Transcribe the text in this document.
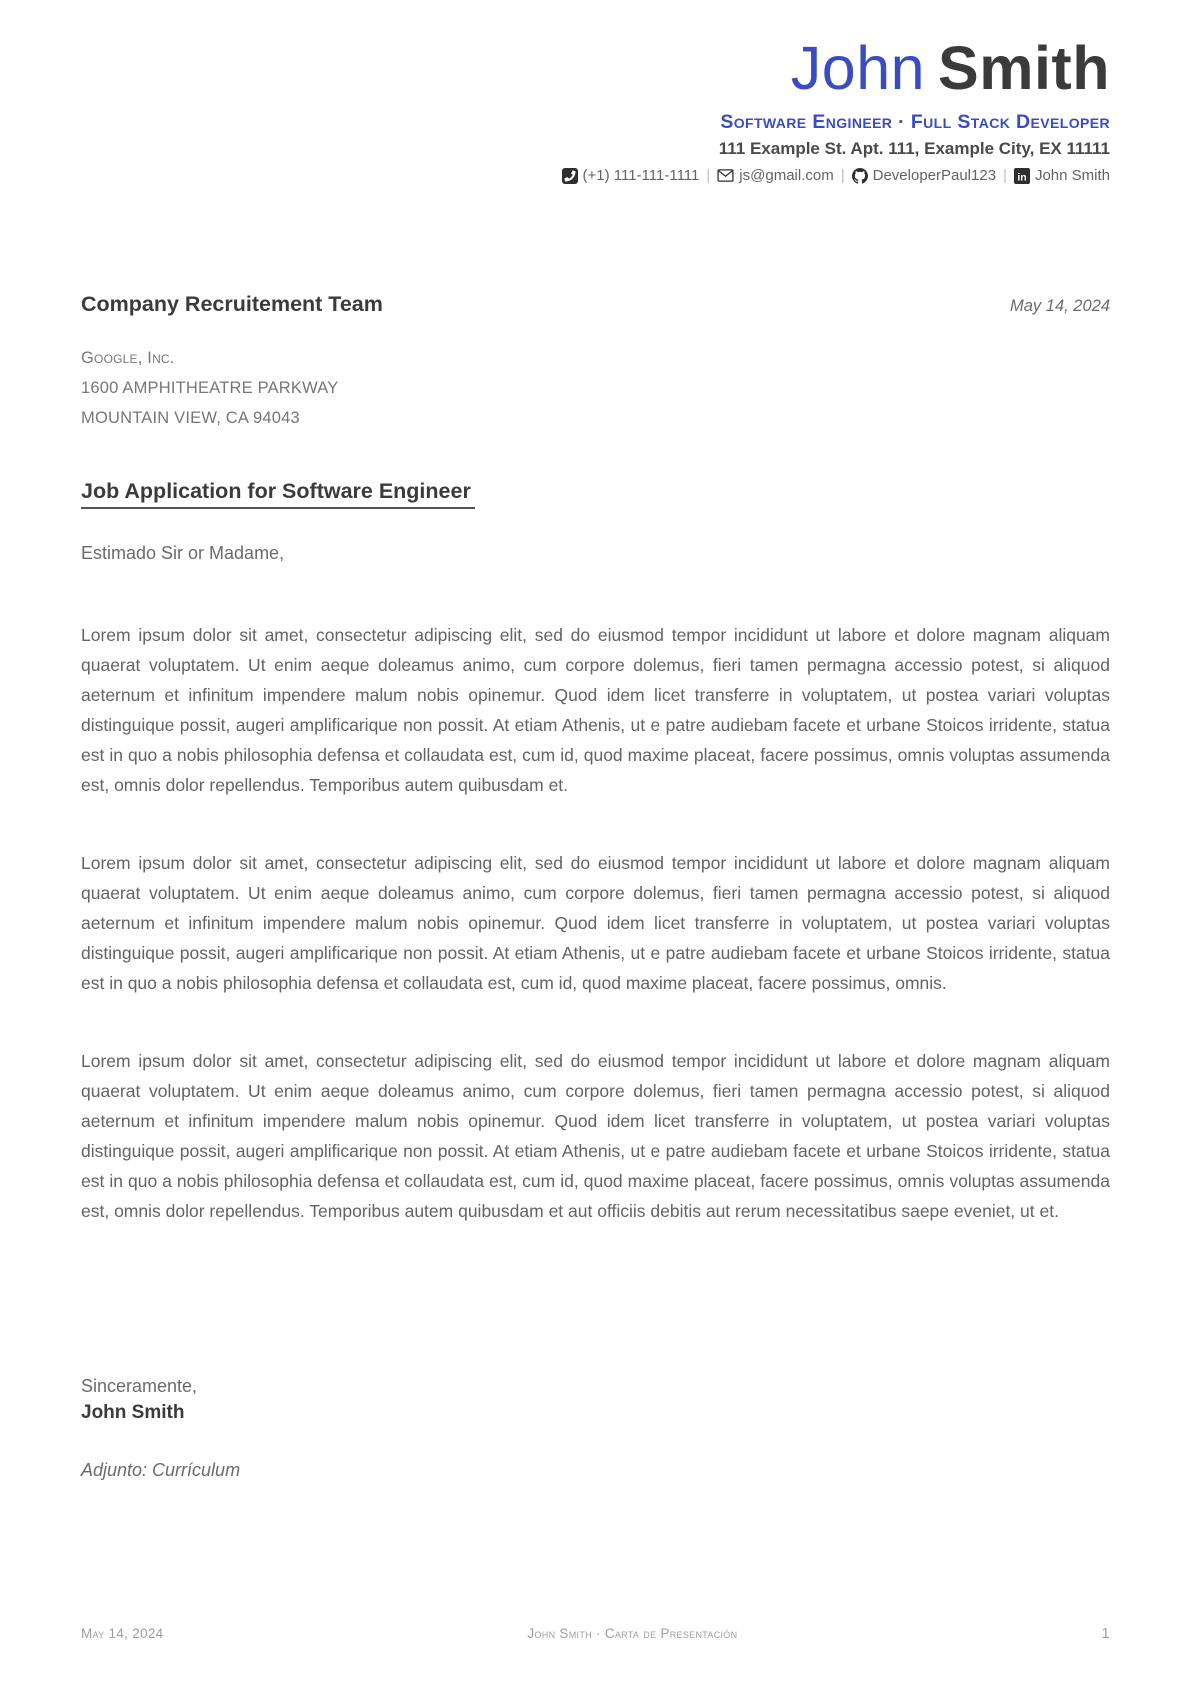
John Smith
Software Engineer · Full Stack Developer
111 Example St. Apt. 111, Example City, EX 11111
(+1) 111-111-1111 | js@gmail.com | DeveloperPaul123 | in John Smith
Company Recruitement Team	May 14, 2024
Google, Inc.
1600 AMPHITHEATRE PARKWAY
MOUNTAIN VIEW, CA 94043
Job Application for Software Engineer
Estimado Sir or Madame,

Lorem ipsum dolor sit amet, consectetur adipiscing elit, sed do eiusmod tempor incididunt ut labore et dolore magnam aliquam quaerat voluptatem. Ut enim aeque doleamus animo, cum corpore dolemus, fieri tamen permagna accessio potest, si aliquod aeternum et infinitum impendere malum nobis opinemur. Quod idem licet transferre in voluptatem, ut postea variari voluptas distinguique possit, augeri amplificarique non possit. At etiam Athenis, ut e patre audiebam facete et urbane Stoicos irridente, statua est in quo a nobis philosophia defensa et collaudata est, cum id, quod maxime placeat, facere possimus, omnis voluptas assumenda est, omnis dolor repellendus. Temporibus autem quibusdam et.

Lorem ipsum dolor sit amet, consectetur adipiscing elit, sed do eiusmod tempor incididunt ut labore et dolore magnam aliquam quaerat voluptatem. Ut enim aeque doleamus animo, cum corpore dolemus, fieri tamen permagna accessio potest, si aliquod aeternum et infinitum impendere malum nobis opinemur. Quod idem licet transferre in voluptatem, ut postea variari voluptas distinguique possit, augeri amplificarique non possit. At etiam Athenis, ut e patre audiebam facete et urbane Stoicos irridente, statua est in quo a nobis philosophia defensa et collaudata est, cum id, quod maxime placeat, facere possimus, omnis.

Lorem ipsum dolor sit amet, consectetur adipiscing elit, sed do eiusmod tempor incididunt ut labore et dolore magnam aliquam quaerat voluptatem. Ut enim aeque doleamus animo, cum corpore dolemus, fieri tamen permagna accessio potest, si aliquod aeternum et infinitum impendere malum nobis opinemur. Quod idem licet transferre in voluptatem, ut postea variari voluptas distinguique possit, augeri amplificarique non possit. At etiam Athenis, ut e patre audiebam facete et urbane Stoicos irridente, statua est in quo a nobis philosophia defensa et collaudata est, cum id, quod maxime placeat, facere possimus, omnis voluptas assumenda est, omnis dolor repellendus. Temporibus autem quibusdam et aut officiis debitis aut rerum necessitatibus saepe eveniet, ut et.

Sinceramente,
John Smith
Adjunto: Currículum
May 14, 2024	John Smith · Carta de Presentación	1
